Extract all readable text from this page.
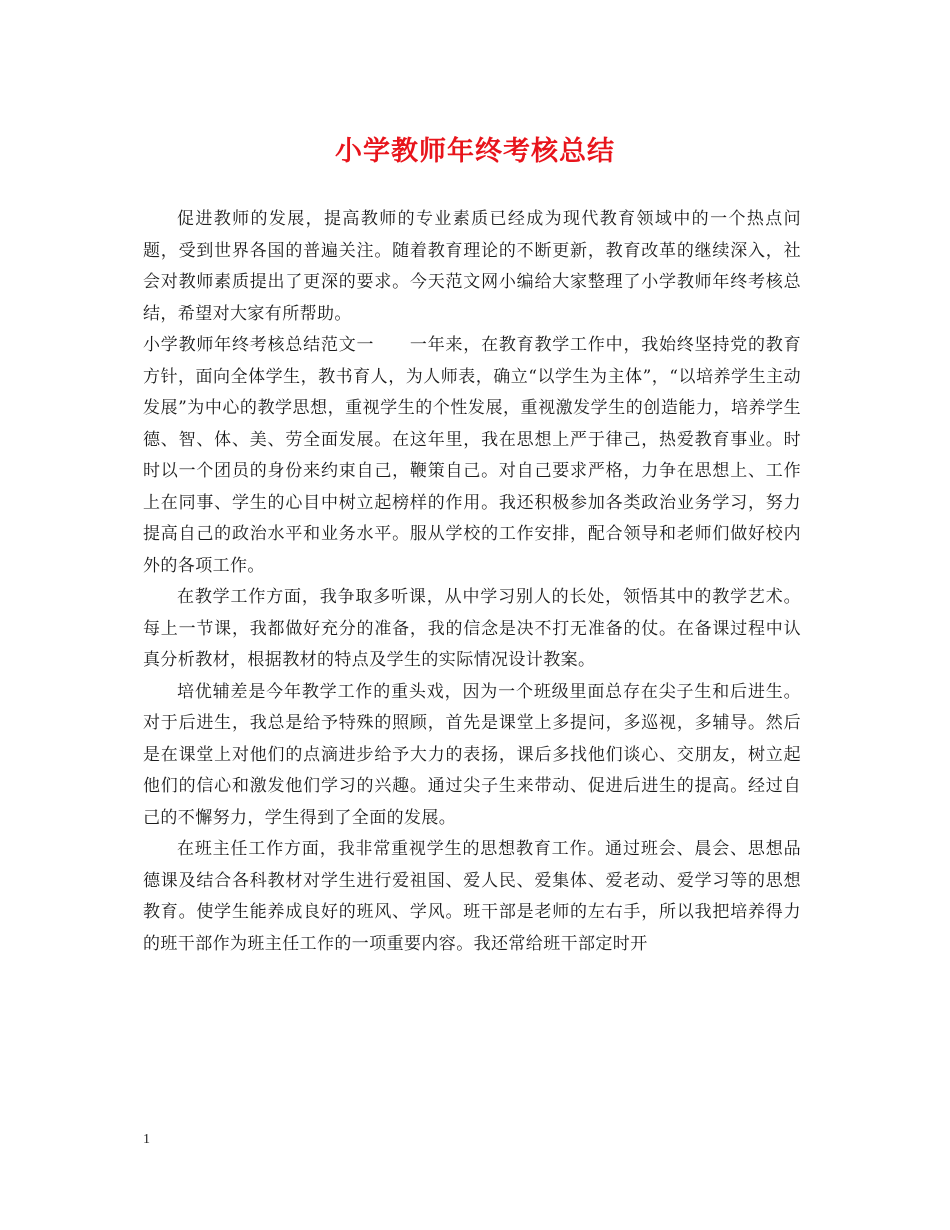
小学教师年终考核总结

促进教师的发展，提高教师的专业素质已经成为现代教育领域中的一个热点问题，受到世界各国的普遍关注。随着教育理论的不断更新，教育改革的继续深入，社会对教师素质提出了更深的要求。今天范文网小编给大家整理了小学教师年终考核总结，希望对大家有所帮助。

小学教师年终考核总结范文一　　一年来，在教育教学工作中，我始终坚持党的教育方针，面向全体学生，教书育人，为人师表，确立“以学生为主体”，“以培养学生主动发展”为中心的教学思想，重视学生的个性发展，重视激发学生的创造能力，培养学生德、智、体、美、劳全面发展。在这年里，我在思想上严于律己，热爱教育事业。时时以一个团员的身份来约束自己，鞭策自己。对自己要求严格，力争在思想上、工作上在同事、学生的心目中树立起榜样的作用。我还积极参加各类政治业务学习，努力提高自己的政治水平和业务水平。服从学校的工作安排，配合领导和老师们做好校内外的各项工作。

在教学工作方面，我争取多听课，从中学习别人的长处，领悟其中的教学艺术。每上一节课，我都做好充分的准备，我的信念是决不打无准备的仗。在备课过程中认真分析教材，根据教材的特点及学生的实际情况设计教案。

培优辅差是今年教学工作的重头戏，因为一个班级里面总存在尖子生和后进生。对于后进生，我总是给予特殊的照顾，首先是课堂上多提问，多巡视，多辅导。然后是在课堂上对他们的点滴进步给予大力的表扬，课后多找他们谈心、交朋友，树立起他们的信心和激发他们学习的兴趣。通过尖子生来带动、促进后进生的提高。经过自己的不懈努力，学生得到了全面的发展。

在班主任工作方面，我非常重视学生的思想教育工作。通过班会、晨会、思想品德课及结合各科教材对学生进行爱祖国、爱人民、爱集体、爱老动、爱学习等的思想教育。使学生能养成良好的班风、学风。班干部是老师的左右手，所以我把培养得力的班干部作为班主任工作的一项重要内容。我还常给班干部定时开

1
